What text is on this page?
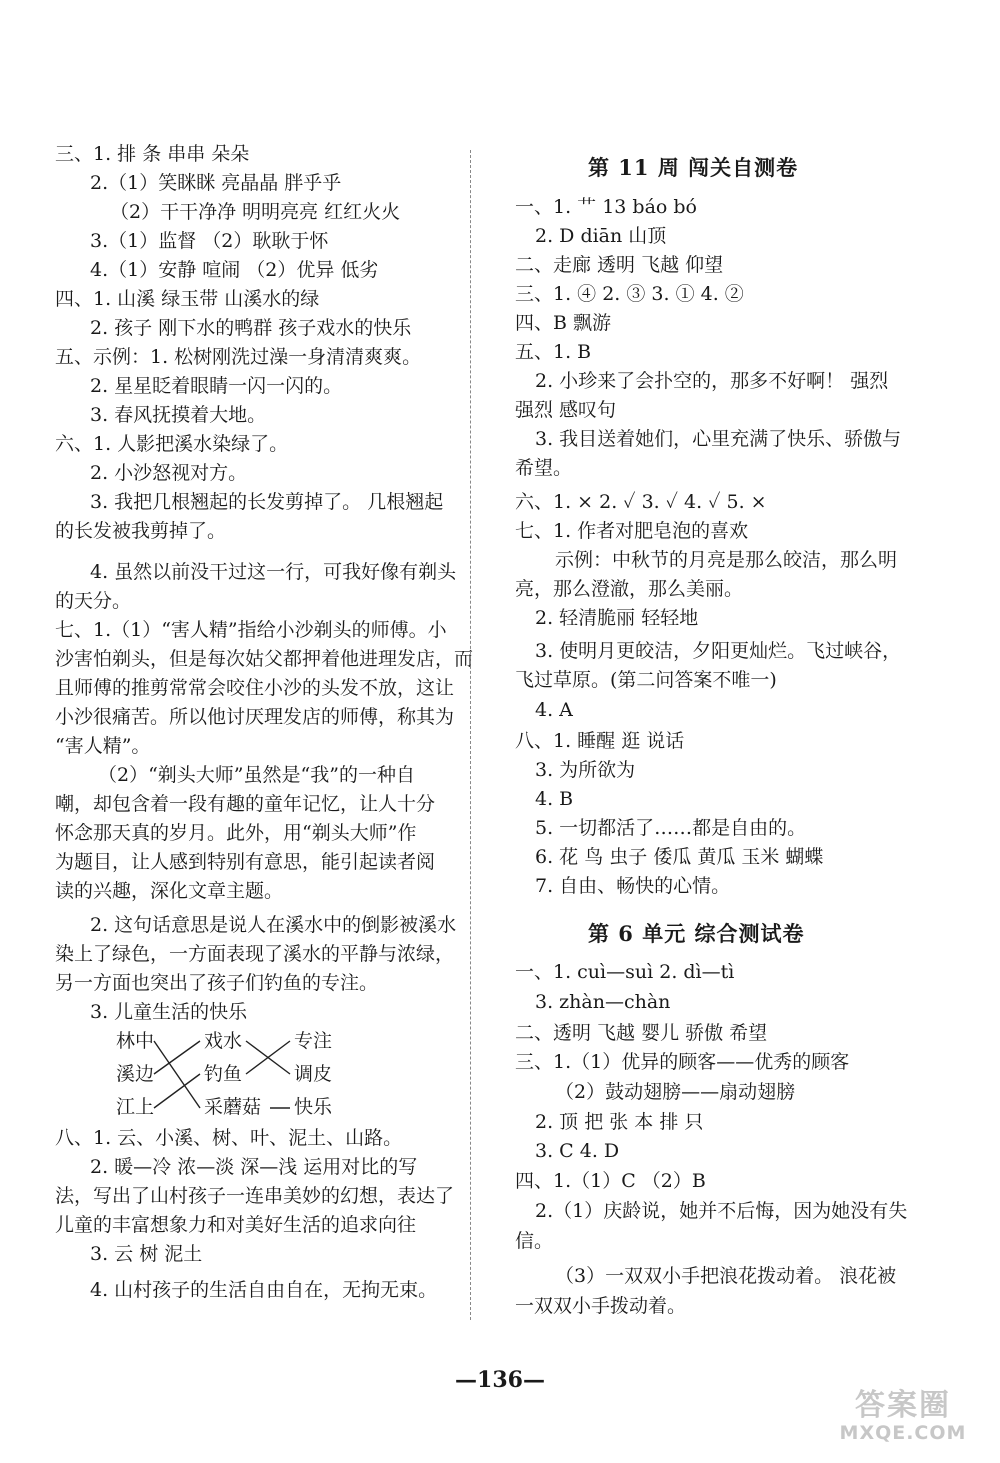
三、1. 排 条 串串 朵朵
2.（1）笑眯眯 亮晶晶 胖乎乎
（2）干干净净 明明亮亮 红红火火
3.（1）监督 （2）耿耿于怀
4.（1）安静 喧闹 （2）优异 低劣
四、1. 山溪 绿玉带 山溪水的绿
2. 孩子 刚下水的鸭群 孩子戏水的快乐
五、示例：1. 松树刚洗过澡一身清清爽爽。
2. 星星眨着眼睛一闪一闪的。
3. 春风抚摸着大地。
六、1. 人影把溪水染绿了。
2. 小沙怒视对方。
3. 我把几根翘起的长发剪掉了。 几根翘起
的长发被我剪掉了。
4. 虽然以前没干过这一行，可我好像有剃头
的天分。
七、1.（1）“害人精”指给小沙剃头的师傅。小
沙害怕剃头，但是每次姑父都押着他进理发店，而
且师傅的推剪常常会咬住小沙的头发不放，这让
小沙很痛苦。所以他讨厌理发店的师傅，称其为
“害人精”。
（2）“剃头大师”虽然是“我”的一种自
嘲，却包含着一段有趣的童年记忆，让人十分
怀念那天真的岁月。此外，用“剃头大师”作
为题目，让人感到特别有意思，能引起读者阅
读的兴趣，深化文章主题。
2. 这句话意思是说人在溪水中的倒影被溪水
染上了绿色，一方面表现了溪水的平静与浓绿，
另一方面也突出了孩子们钓鱼的专注。
3. 儿童生活的快乐
林中
溪边
江上
戏水
钓鱼
采蘑菇
专注
调皮
快乐
八、1. 云、小溪、树、叶、泥土、山路。
2. 暖—冷 浓—淡 深—浅 运用对比的写
法，写出了山村孩子一连串美妙的幻想，表达了
儿童的丰富想象力和对美好生活的追求向往
3. 云 树 泥土
4. 山村孩子的生活自由自在，无拘无束。
第 11 周 闯关自测卷
一、1. ⺾ 13 báo bó
2. D diān 山顶
二、走廊 透明 飞越 仰望
三、1. ④ 2. ③ 3. ① 4. ②
四、B 飘游
五、1. B
2. 小珍来了会扑空的，那多不好啊！ 强烈
强烈 感叹句
3. 我目送着她们，心里充满了快乐、骄傲与
希望。
六、1. × 2. ✓ 3. ✓ 4. ✓ 5. ×
七、1. 作者对肥皂泡的喜欢
示例：中秋节的月亮是那么皎洁，那么明
亮，那么澄澈，那么美丽。
2. 轻清脆丽 轻轻地
3. 使明月更皎洁，夕阳更灿烂。飞过峡谷，
飞过草原。(第二问答案不唯一)
4. A
八、1. 睡醒 逛 说话
3. 为所欲为
4. B
5. 一切都活了……都是自由的。
6. 花 鸟 虫子 倭瓜 黄瓜 玉米 蝴蝶
7. 自由、畅快的心情。
第 6 单元 综合测试卷
一、1. cuì—suì 2. dì—tì
3. zhàn—chàn
二、透明 飞越 婴儿 骄傲 希望
三、1.（1）优异的顾客——优秀的顾客
（2）鼓动翅膀——扇动翅膀
2. 顶 把 张 本 排 只
3. C 4. D
四、1.（1）C （2）B
2.（1）庆龄说，她并不后悔，因为她没有失
信。
（3）一双双小手把浪花拨动着。 浪花被
一双双小手拨动着。
—136—
答案圈
MXQE.COM
